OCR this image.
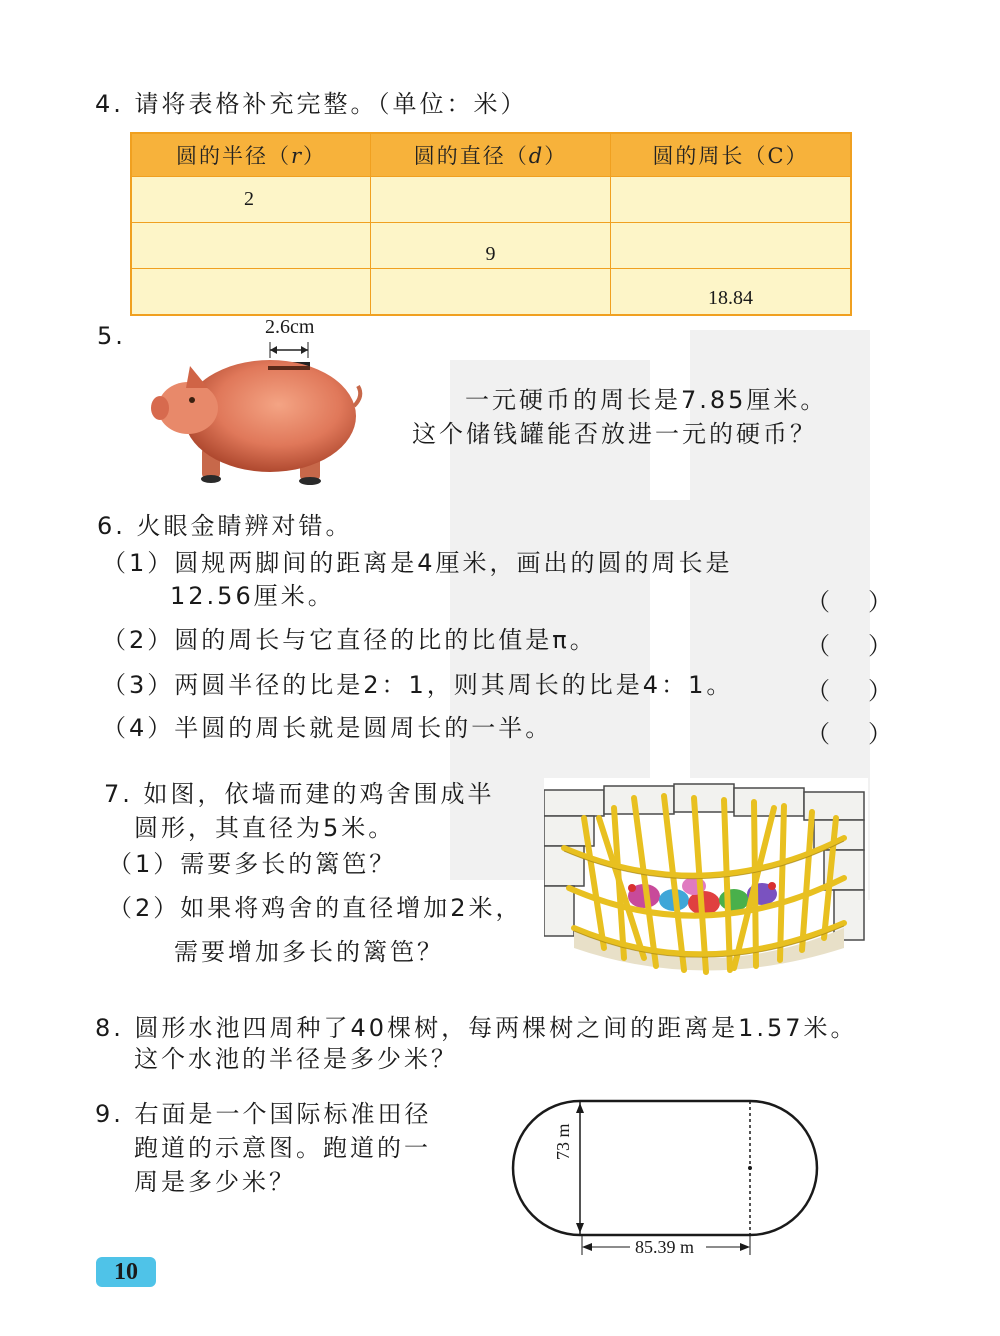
4. 请将表格补充完整。（单位：米）
圆的半径（r）	圆的直径（d）	圆的周长（C）
2		
	9	
		18.84
5.	2.6cm
一元硬币的周长是7.85厘米。
这个储钱罐能否放进一元的硬币？
6. 火眼金睛辨对错。
（1）圆规两脚间的距离是4厘米，画出的圆的周长是
12.56厘米。	（）
（2）圆的周长与它直径的比的比值是π。	（）
（3）两圆半径的比是2：1，则其周长的比是4：1。	（）
（4）半圆的周长就是圆周长的一半。	（）
7. 如图，依墙而建的鸡舍围成半
圆形，其直径为5米。
（1）需要多长的篱笆？
（2）如果将鸡舍的直径增加2米，
需要增加多长的篱笆？
8. 圆形水池四周种了40棵树，每两棵树之间的距离是1.57米。
这个水池的半径是多少米？
9. 右面是一个国际标准田径
跑道的示意图。跑道的一
周是多少米？
73 m
85.39 m
10
